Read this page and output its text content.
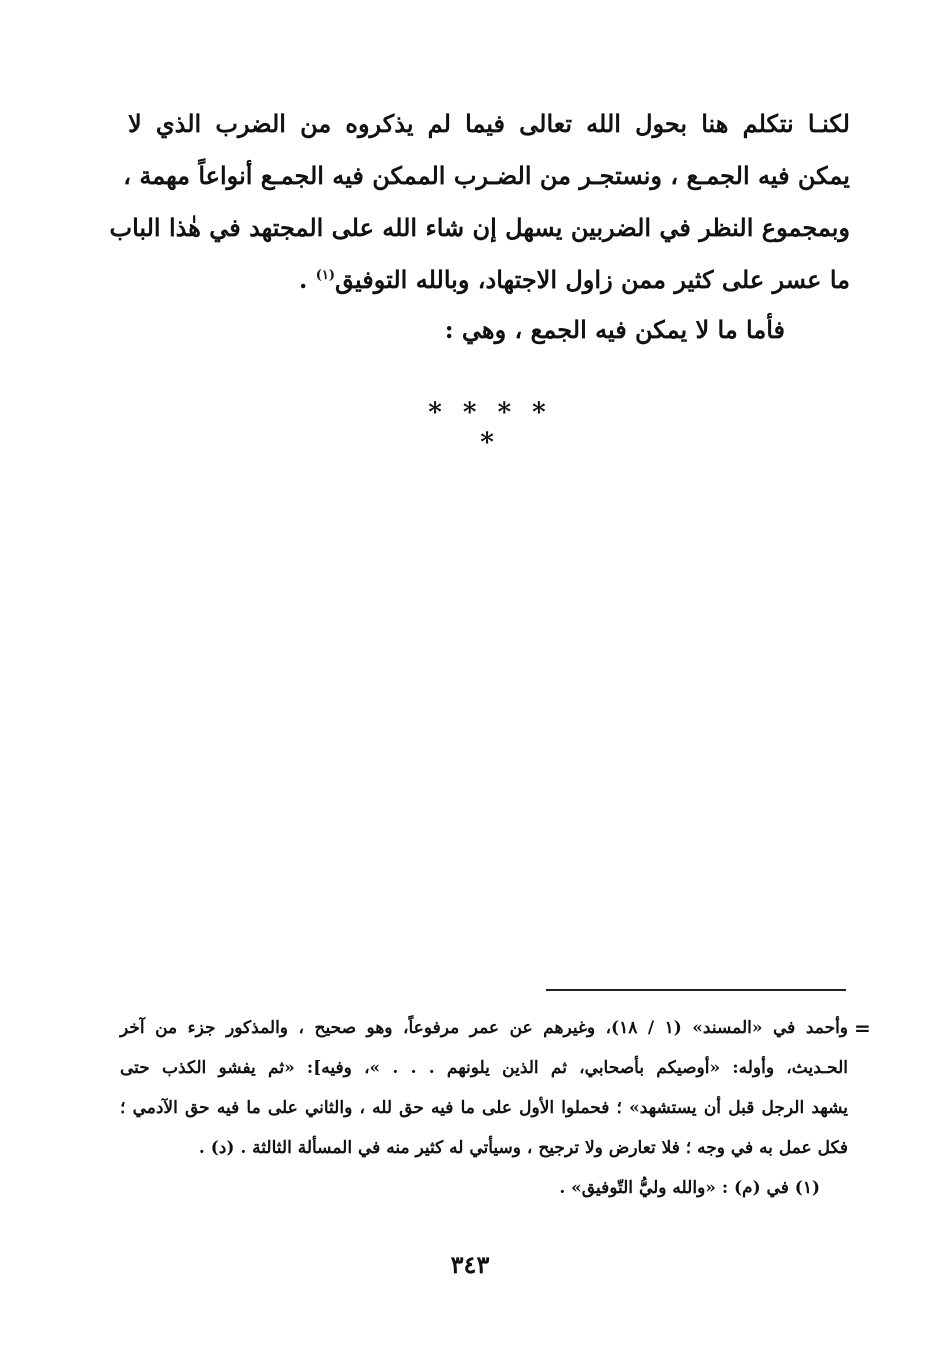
لكنـا نتكلم هنا بحول الله تعالى فيما لم يذكروه من الضرب الذي لا
يمكن فيه الجمـع ، ونستجـر من الضـرب الممكن فيه الجمـع أنواعاً مهمة ،
وبمجموع النظر في الضربين يسهل إن شاء الله على المجتهد في هٰذا الباب
ما عسر على كثير ممن زاول الاجتهاد، وبالله التوفيق$^{(١)}$ .
فأما ما لا يمكن فيه الجمع ، وهي :
* * * * *
=
وأحمد في «المسند» (١ / ١٨)، وغيرهم عن عمر مرفوعاً، وهو صحيح ، والمذكور جزء من آخر
الحـديث، وأوله: «أوصيكم بأصحابي، ثم الذين يلونهم . . . »، وفيه]: «ثم يفشو الكذب حتى
يشهد الرجل قبل أن يستشهد» ؛ فحملوا الأول على ما فيه حق لله ، والثاني على ما فيه حق الآدمي ؛
فكل عمل به في وجه ؛ فلا تعارض ولا ترجيح ، وسيأتي له كثير منه في المسألة الثالثة . (د) .
(١) في (م) : «والله وليُّ التّوفيق» .
٣٤٣
